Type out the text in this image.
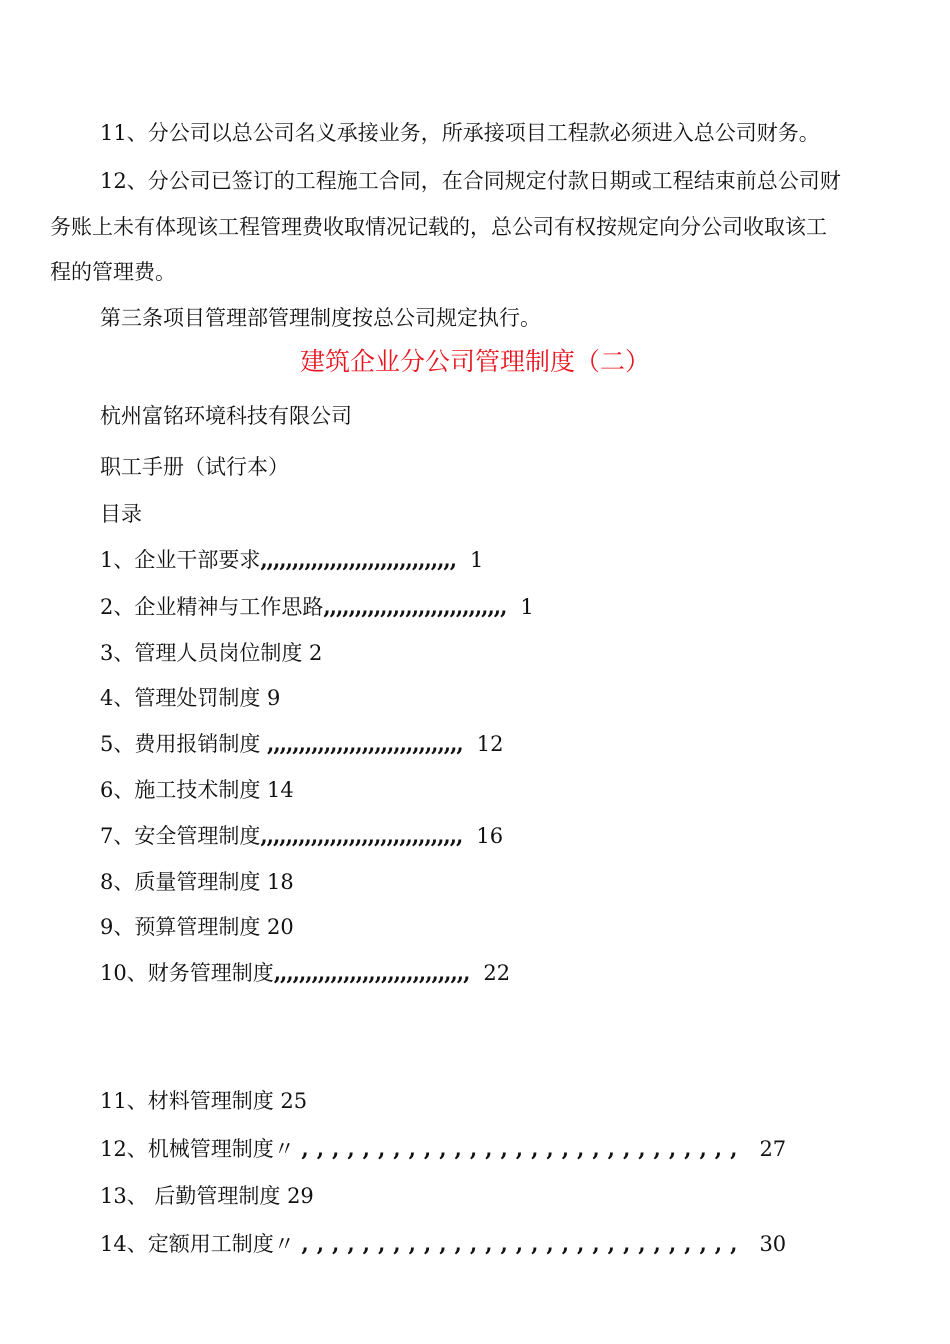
11、分公司以总公司名义承接业务，所承接项目工程款必须进入总公司财务。
12、分公司已签订的工程施工合同，在合同规定付款日期或工程结束前总公司财
务账上未有体现该工程管理费收取情况记载的，总公司有权按规定向分公司收取该工
程的管理费。
第三条项目管理部管理制度按总公司规定执行。
建筑企业分公司管理制度（二）
杭州富铭环境科技有限公司
职工手册（试行本）
目录
1、企业干部要求,,,,,,,,,,,,,,,,,,,,,,,,,,,,,,, 1
2、企业精神与工作思路,,,,,,,,,,,,,,,,,,,,,,,,,,,,, 1
3、管理人员岗位制度 2
4、管理处罚制度 9
5、费用报销制度 ,,,,,,,,,,,,,,,,,,,,,,,,,,,,,,, 12
6、施工技术制度 14
7、安全管理制度,,,,,,,,,,,,,,,,,,,,,,,,,,,,,,,, 16
8、质量管理制度 18
9、预算管理制度 20
10、财务管理制度,,,,,,,,,,,,,,,,,,,,,,,,,,,,,,, 22
11、材料管理制度 25
12、机械管理制度〃 ,,,,,,,,,,,,,,,,,,,,,,,,,,,,, 27
13、 后勤管理制度 29
14、定额用工制度〃 ,,,,,,,,,,,,,,,,,,,,,,,,,,,,, 30
